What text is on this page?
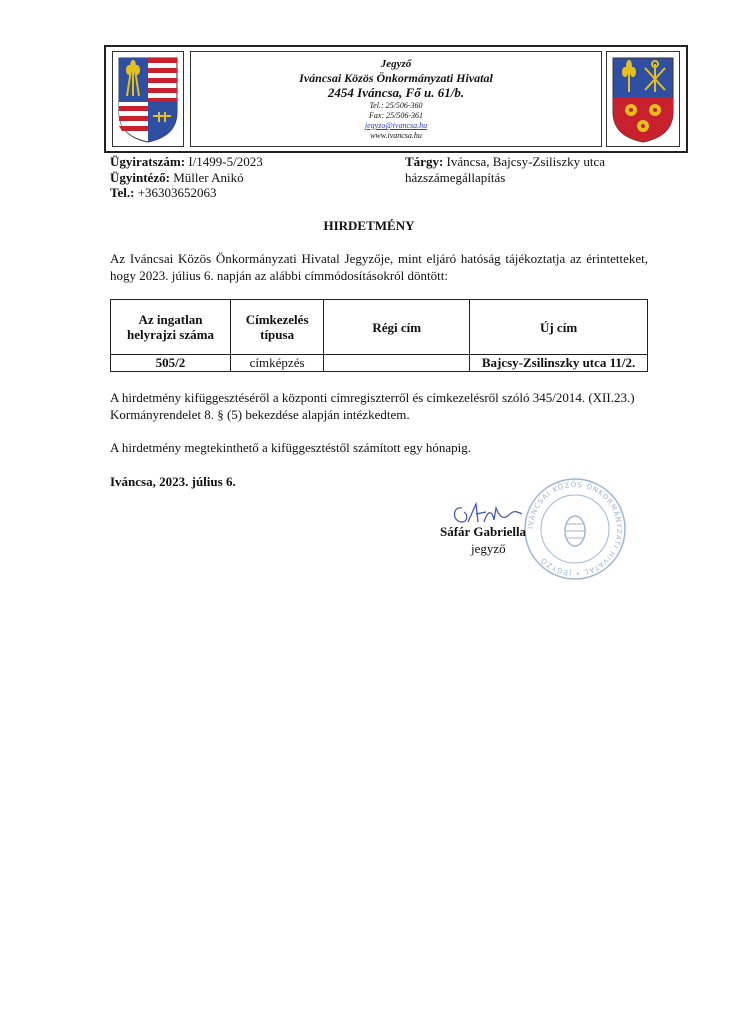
Jegyző
Iváncsai Közös Önkormányzati Hivatal
2454 Iváncsa, Fő u. 61/b.
Tel.: 25/506-360
Fax: 25/506-361
jegyzo@ivancsa.hu
www.ivancsa.hu
Ügyiratszám: I/1499-5/2023
Ügyintéző: Müller Anikó
Tel.: +36303652063
Tárgy: Iváncsa, Bajcsy-Zsiliszky utca
házszámegállapítás
HIRDETMÉNY
Az Iváncsai Közös Önkormányzati Hivatal Jegyzője, mint eljáró hatóság tájékoztatja az érintetteket, hogy 2023. július 6. napján az alábbi címmódosításokról döntött:
Az ingatlan helyrajzi száma	Címkezelés típusa	Régi cím	Új cím
505/2	címképzés		Bajcsy-Zsilinszky utca 11/2.
A hirdetmény kifüggesztéséről a központi címregiszterről és címkezelésről szóló 345/2014. (XII.23.) Kormányrendelet 8. § (5) bekezdése alapján intézkedtem.
A hirdetmény megtekinthető a kifüggesztéstől számított egy hónapig.
Iváncsa, 2023. július 6.
IVÁNCSAI KÖZÖS ÖNKORMÁNYZATI HIVATAL • JEGYZŐ
Sáfár Gabriella
jegyző
